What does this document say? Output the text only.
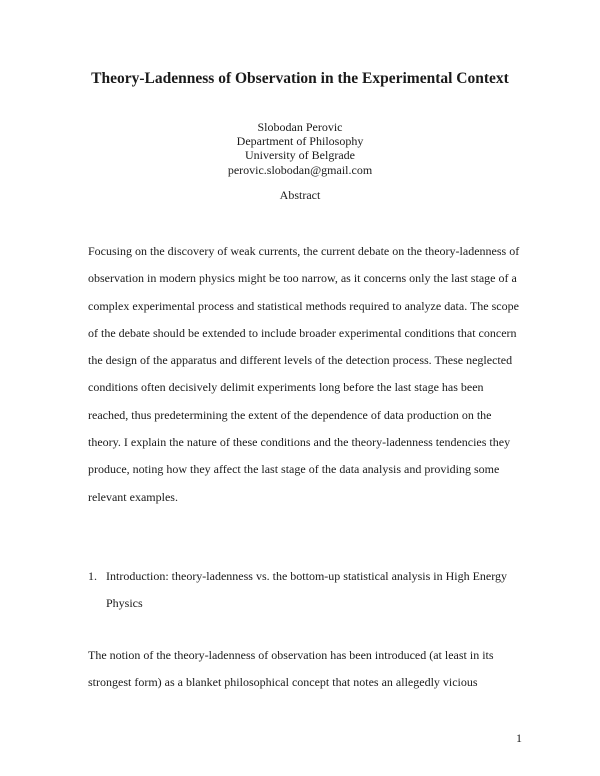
Theory-Ladenness of Observation in the Experimental Context
Slobodan Perovic
Department of Philosophy
University of Belgrade
perovic.slobodan@gmail.com
Abstract

Focusing on the discovery of weak currents, the current debate on the theory-ladenness of
observation in modern physics might be too narrow, as it concerns only the last stage of a
complex experimental process and statistical methods required to analyze data. The scope
of the debate should be extended to include broader experimental conditions that concern
the design of the apparatus and different levels of the detection process. These neglected
conditions often decisively delimit experiments long before the last stage has been
reached, thus predetermining the extent of the dependence of data production on the
theory. I explain the nature of these conditions and the theory-ladenness tendencies they
produce, noting how they affect the last stage of the data analysis and providing some
relevant examples.

1. Introduction: theory-ladenness vs. the bottom-up statistical analysis in High Energy
Physics

The notion of the theory-ladenness of observation has been introduced (at least in its
strongest form) as a blanket philosophical concept that notes an allegedly vicious

1
